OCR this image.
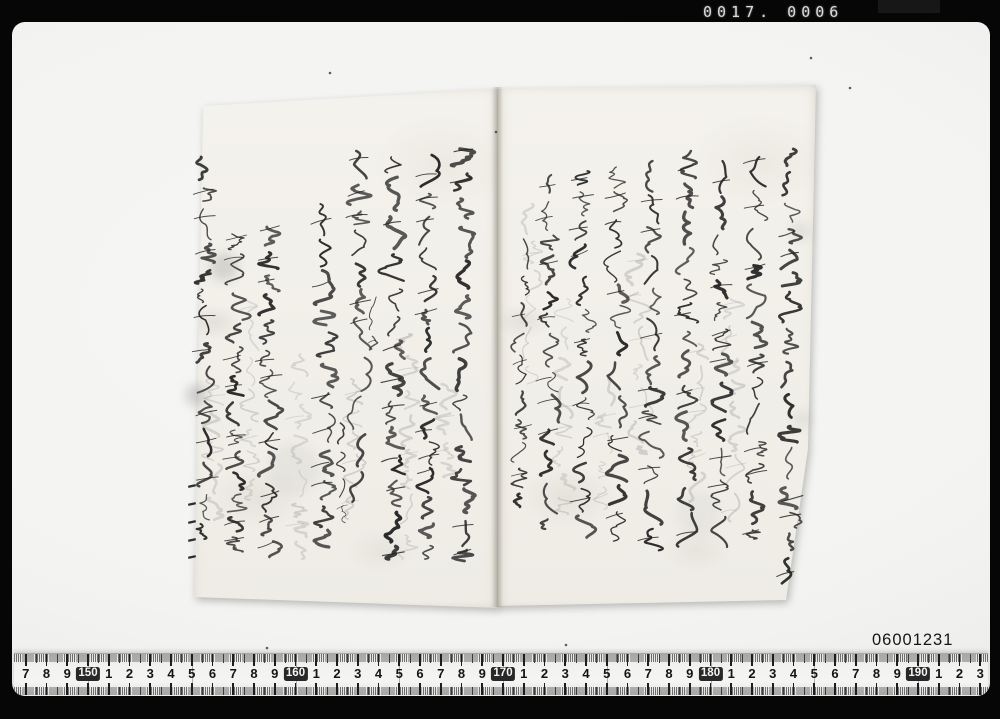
0017. 0006
06001231
7 8 9 150 1 2 3 4 5 6 7 8 9 160 1 2 3 4 5 6 7 8 9 170 1 2 3 4 5 6 7 8 9 180 1 2 3 4 5 6 7 8 9 190 1 2 3
